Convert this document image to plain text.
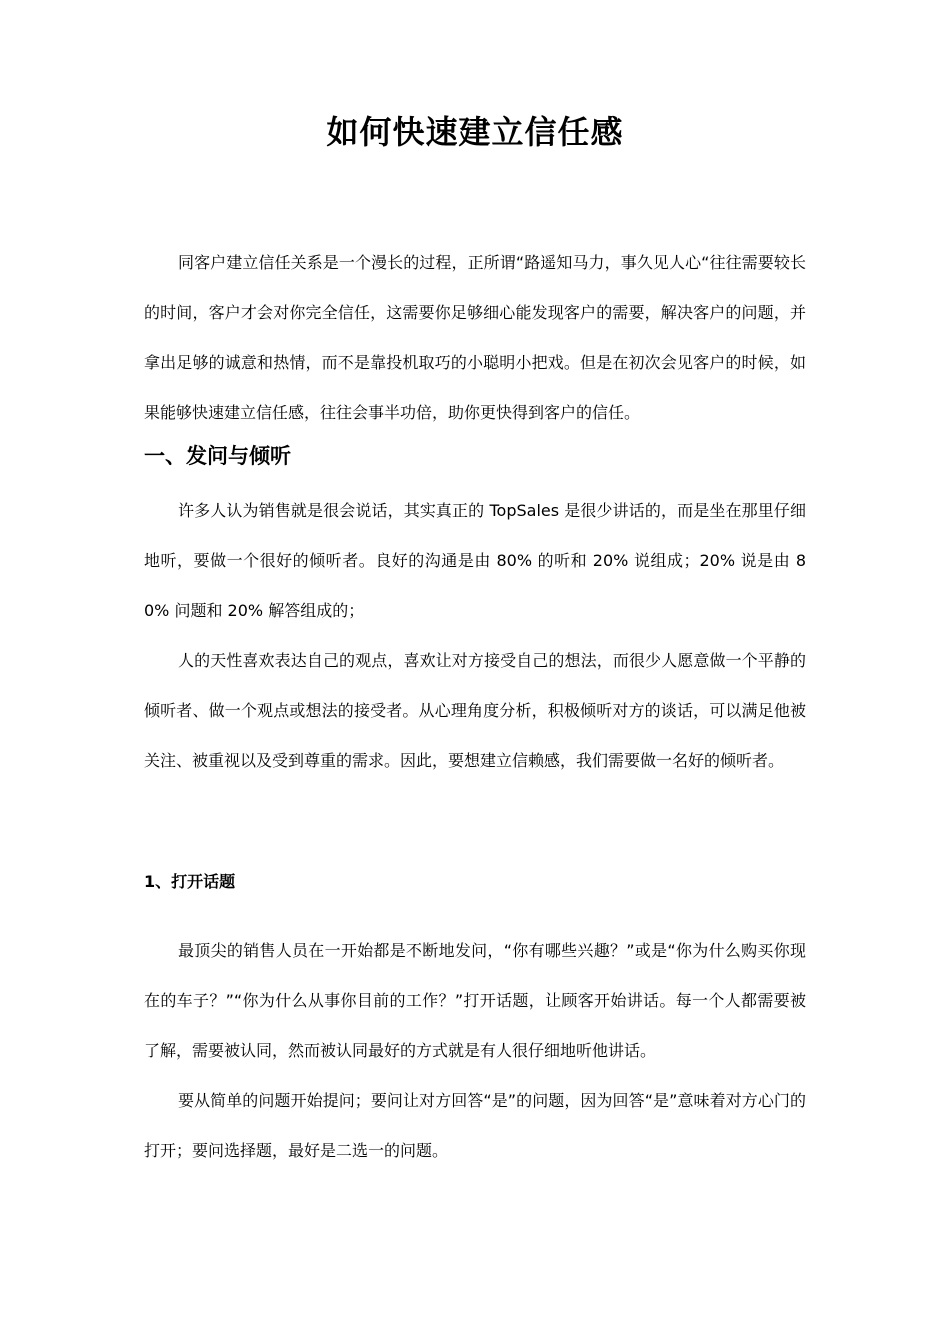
如何快速建立信任感

同客户建立信任关系是一个漫长的过程，正所谓“路遥知马力，事久见人心“往往需要较长的时间，客户才会对你完全信任，这需要你足够细心能发现客户的需要，解决客户的问题，并拿出足够的诚意和热情，而不是靠投机取巧的小聪明小把戏。但是在初次会见客户的时候，如果能够快速建立信任感，往往会事半功倍，助你更快得到客户的信任。

一、发问与倾听

许多人认为销售就是很会说话，其实真正的 TopSales 是很少讲话的，而是坐在那里仔细地听，要做一个很好的倾听者。良好的沟通是由 80% 的听和 20% 说组成；20% 说是由 80% 问题和 20% 解答组成的；

人的天性喜欢表达自己的观点，喜欢让对方接受自己的想法，而很少人愿意做一个平静的倾听者、做一个观点或想法的接受者。从心理角度分析，积极倾听对方的谈话，可以满足他被关注、被重视以及受到尊重的需求。因此，要想建立信赖感，我们需要做一名好的倾听者。

1、打开话题

最顶尖的销售人员在一开始都是不断地发问，“你有哪些兴趣？”或是“你为什么购买你现在的车子？”“你为什么从事你目前的工作？”打开话题，让顾客开始讲话。每一个人都需要被了解，需要被认同，然而被认同最好的方式就是有人很仔细地听他讲话。

要从简单的问题开始提问；要问让对方回答“是”的问题，因为回答“是”意味着对方心门的打开；要问选择题，最好是二选一的问题。
